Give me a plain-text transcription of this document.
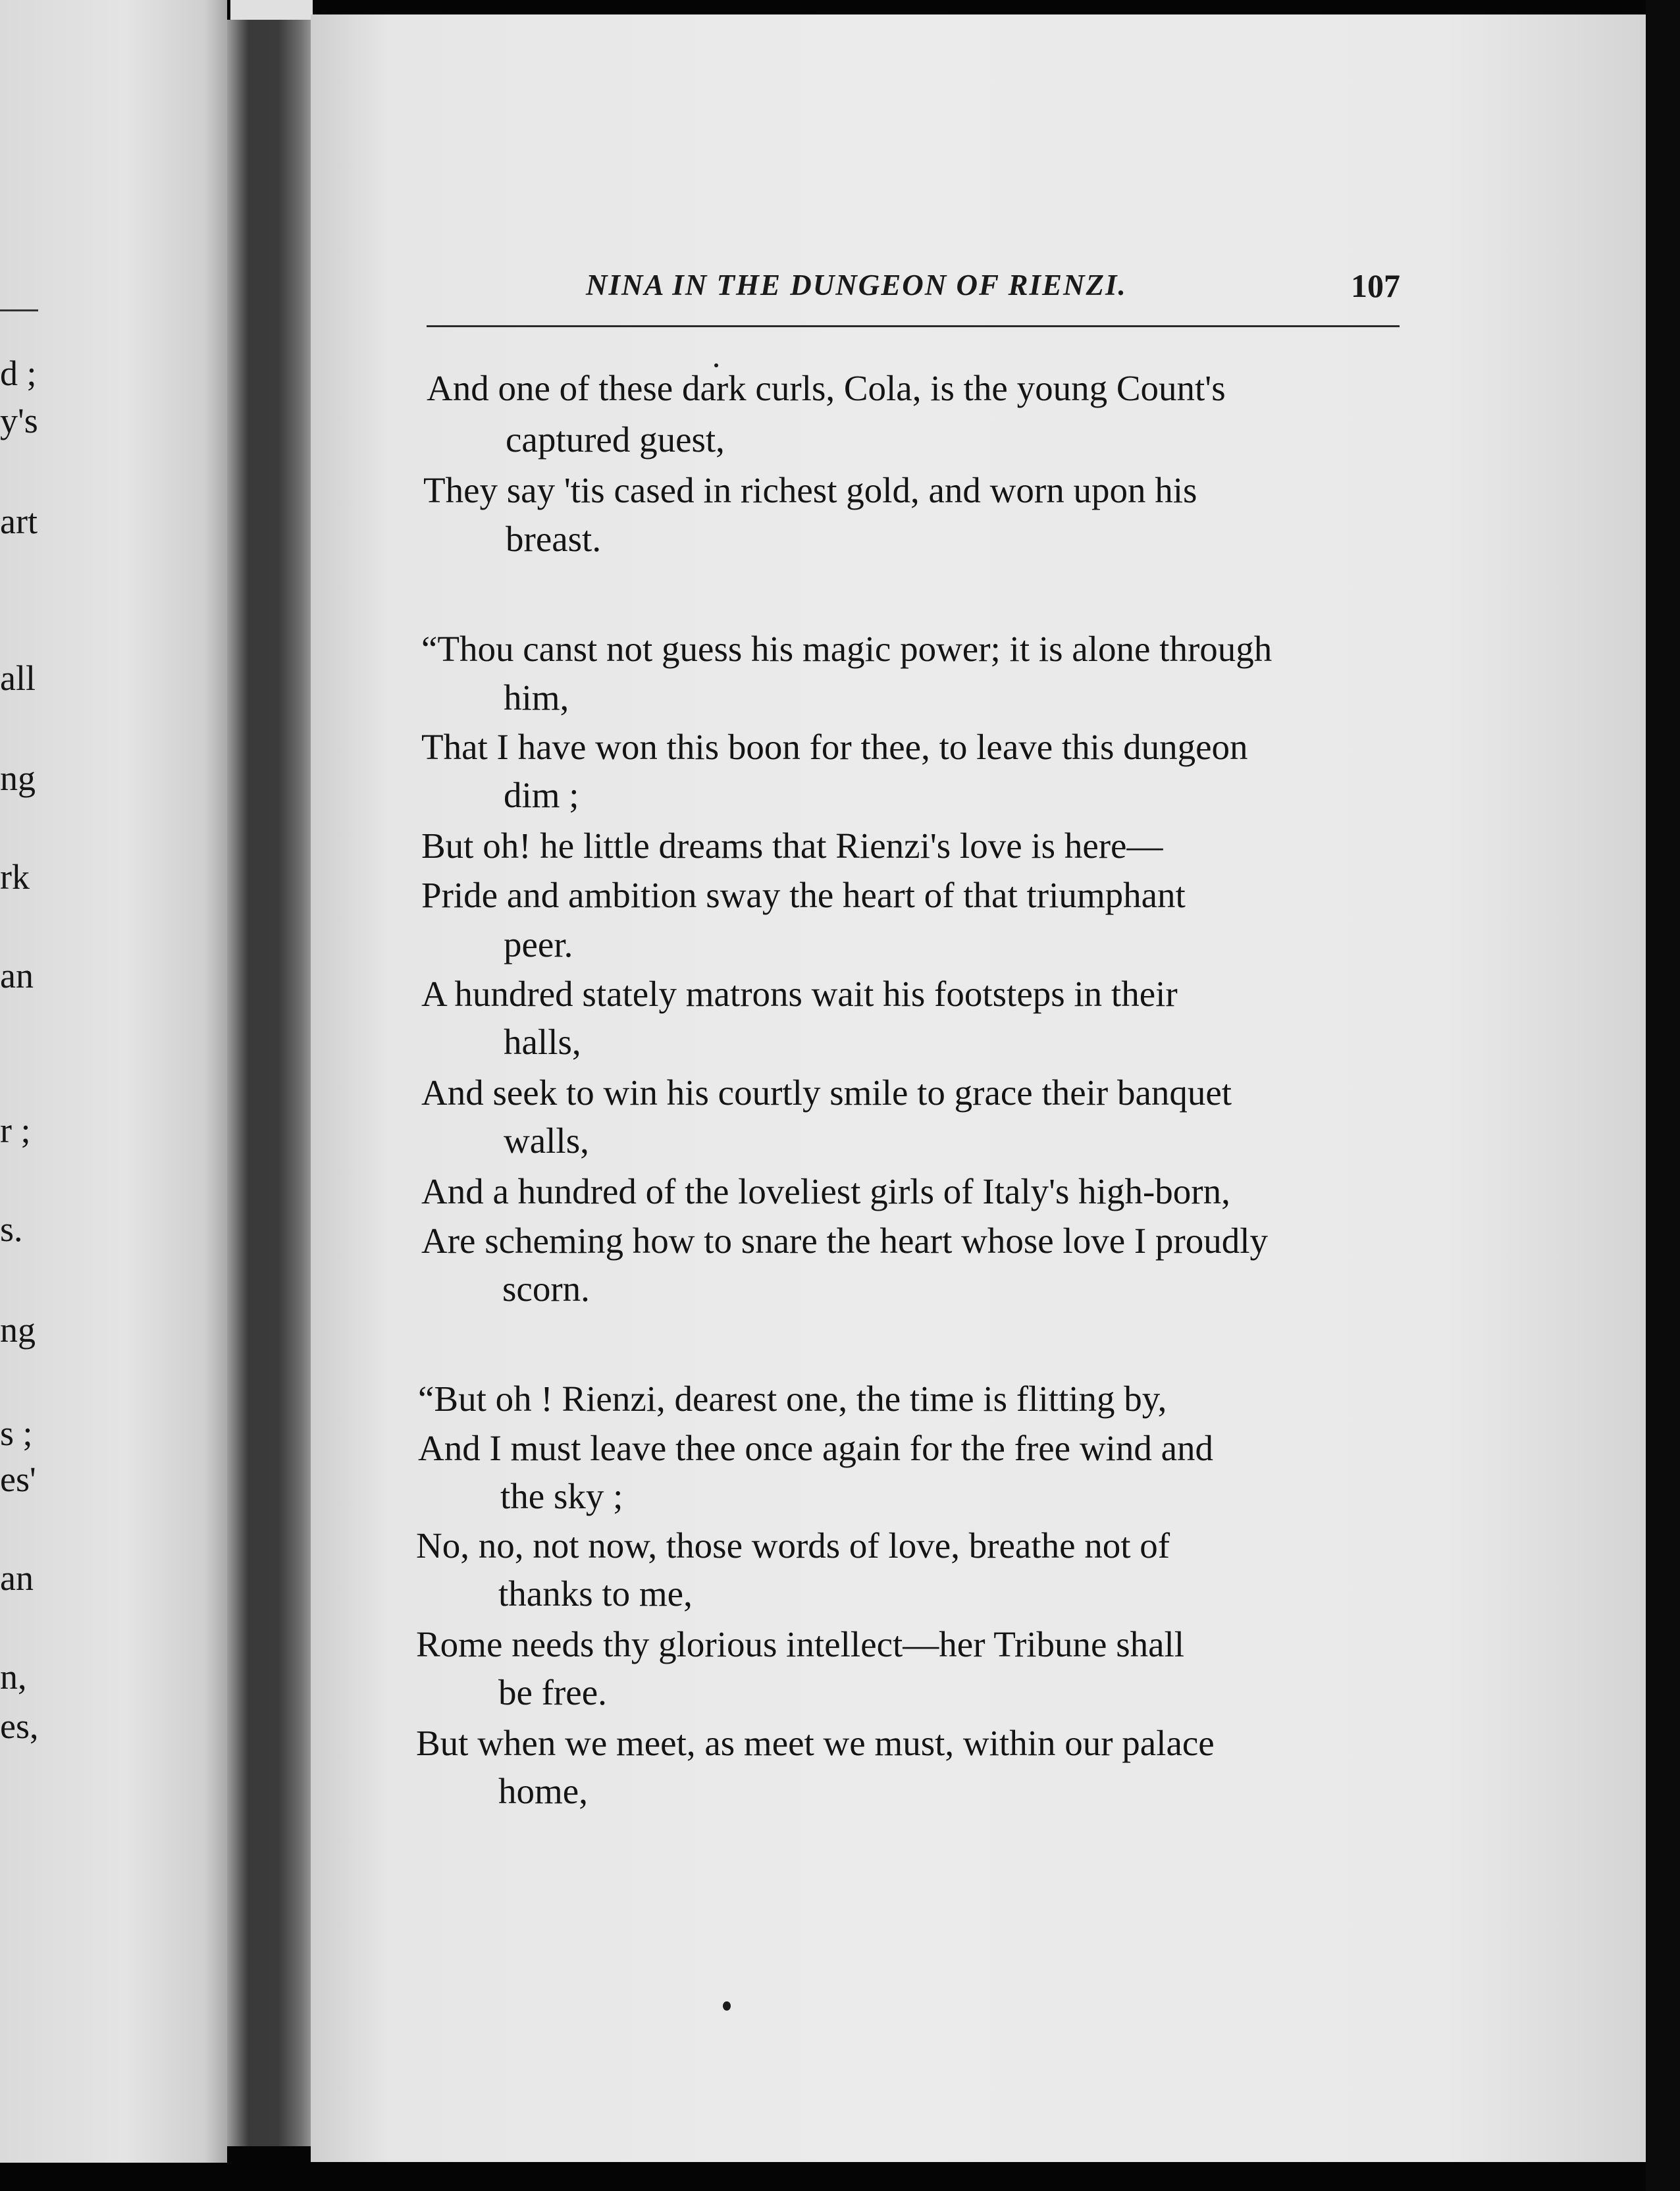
d ;
y's
art
all
ng
rk
an
r ;
s.
ng
s ;
es'
an
n,
es,
NINA IN THE DUNGEON OF RIENZI.	107
And one of these dark curls, Cola, is the young Count's
captured guest,
They say 'tis cased in richest gold, and worn upon his
breast.
“Thou canst not guess his magic power; it is alone through
him,
That I have won this boon for thee, to leave this dungeon
dim ;
But oh! he little dreams that Rienzi's love is here—
Pride and ambition sway the heart of that triumphant
peer.
A hundred stately matrons wait his footsteps in their
halls,
And seek to win his courtly smile to grace their banquet
walls,
And a hundred of the loveliest girls of Italy's high-born,
Are scheming how to snare the heart whose love I proudly
scorn.
“But oh ! Rienzi, dearest one, the time is flitting by,
And I must leave thee once again for the free wind and
the sky ;
No, no, not now, those words of love, breathe not of
thanks to me,
Rome needs thy glorious intellect—her Tribune shall
be free.
But when we meet, as meet we must, within our palace
home,
